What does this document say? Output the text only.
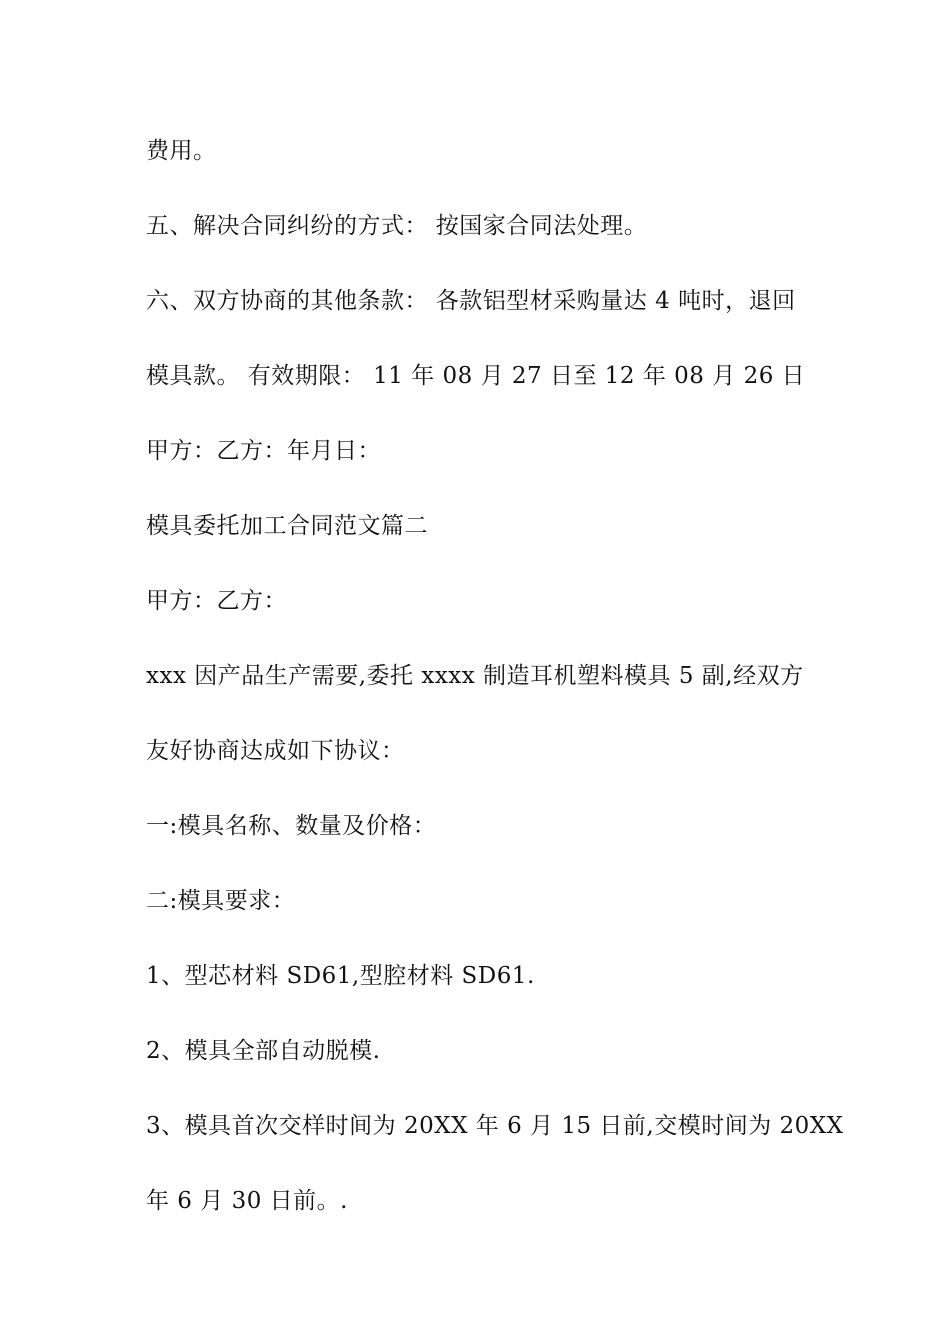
费用。
五、解决合同纠纷的方式： 按国家合同法处理。
六、双方协商的其他条款： 各款铝型材采购量达 4 吨时，退回
模具款。 有效期限： 11 年 08 月 27 日至 12 年 08 月 26 日
甲方：乙方：年月日：
模具委托加工合同范文篇二
甲方：乙方：
xxx 因产品生产需要,委托 xxxx 制造耳机塑料模具 5 副,经双方
友好协商达成如下协议：
一:模具名称、数量及价格：
二:模具要求：
1、型芯材料 SD61,型腔材料 SD61.
2、模具全部自动脱模.
3、模具首次交样时间为 20XX 年 6 月 15 日前,交模时间为 20XX
年 6 月 30 日前。.
